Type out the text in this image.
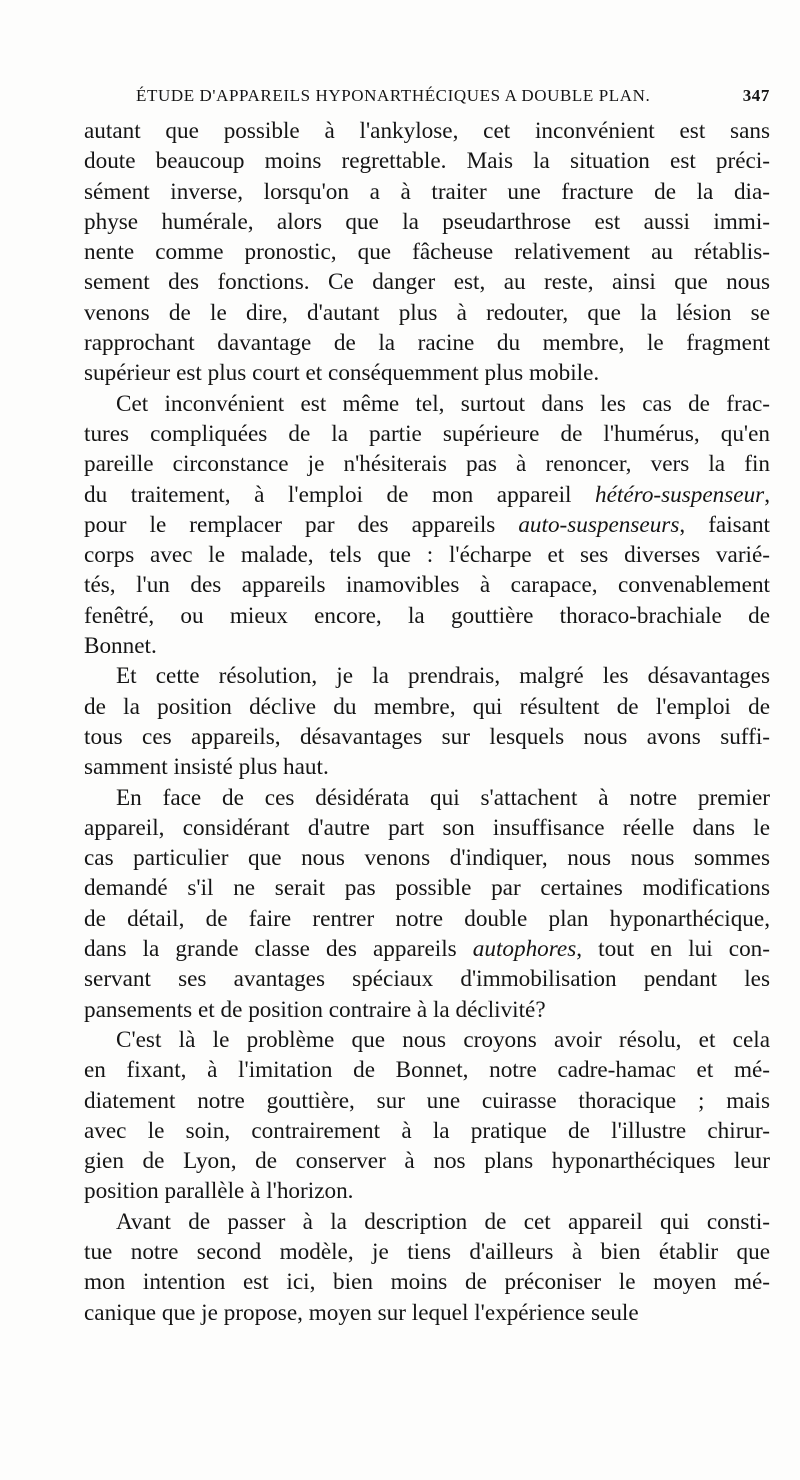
ÉTUDE D'APPAREILS HYPONARTHÉCIQUES A DOUBLE PLAN.	347
autant que possible à l'ankylose, cet inconvénient est sans
doute beaucoup moins regrettable. Mais la situation est préci-
sément inverse, lorsqu'on a à traiter une fracture de la dia-
physe humérale, alors que la pseudarthrose est aussi immi-
nente comme pronostic, que fâcheuse relativement au rétablis-
sement des fonctions. Ce danger est, au reste, ainsi que nous
venons de le dire, d'autant plus à redouter, que la lésion se
rapprochant davantage de la racine du membre, le fragment
supérieur est plus court et conséquemment plus mobile.
Cet inconvénient est même tel, surtout dans les cas de frac-
tures compliquées de la partie supérieure de l'humérus, qu'en
pareille circonstance je n'hésiterais pas à renoncer, vers la fin
du traitement, à l'emploi de mon appareil hétéro-suspenseur,
pour le remplacer par des appareils auto-suspenseurs, faisant
corps avec le malade, tels que : l'écharpe et ses diverses varié-
tés, l'un des appareils inamovibles à carapace, convenablement
fenêtré, ou mieux encore, la gouttière thoraco-brachiale de
Bonnet.
Et cette résolution, je la prendrais, malgré les désavantages
de la position déclive du membre, qui résultent de l'emploi de
tous ces appareils, désavantages sur lesquels nous avons suffi-
samment insisté plus haut.
En face de ces désidérata qui s'attachent à notre premier
appareil, considérant d'autre part son insuffisance réelle dans le
cas particulier que nous venons d'indiquer, nous nous sommes
demandé s'il ne serait pas possible par certaines modifications
de détail, de faire rentrer notre double plan hyponarthécique,
dans la grande classe des appareils autophores, tout en lui con-
servant ses avantages spéciaux d'immobilisation pendant les
pansements et de position contraire à la déclivité?
C'est là le problème que nous croyons avoir résolu, et cela
en fixant, à l'imitation de Bonnet, notre cadre-hamac et mé-
diatement notre gouttière, sur une cuirasse thoracique ; mais
avec le soin, contrairement à la pratique de l'illustre chirur-
gien de Lyon, de conserver à nos plans hyponarthéciques leur
position parallèle à l'horizon.
Avant de passer à la description de cet appareil qui consti-
tue notre second modèle, je tiens d'ailleurs à bien établir que
mon intention est ici, bien moins de préconiser le moyen mé-
canique que je propose, moyen sur lequel l'expérience seule
